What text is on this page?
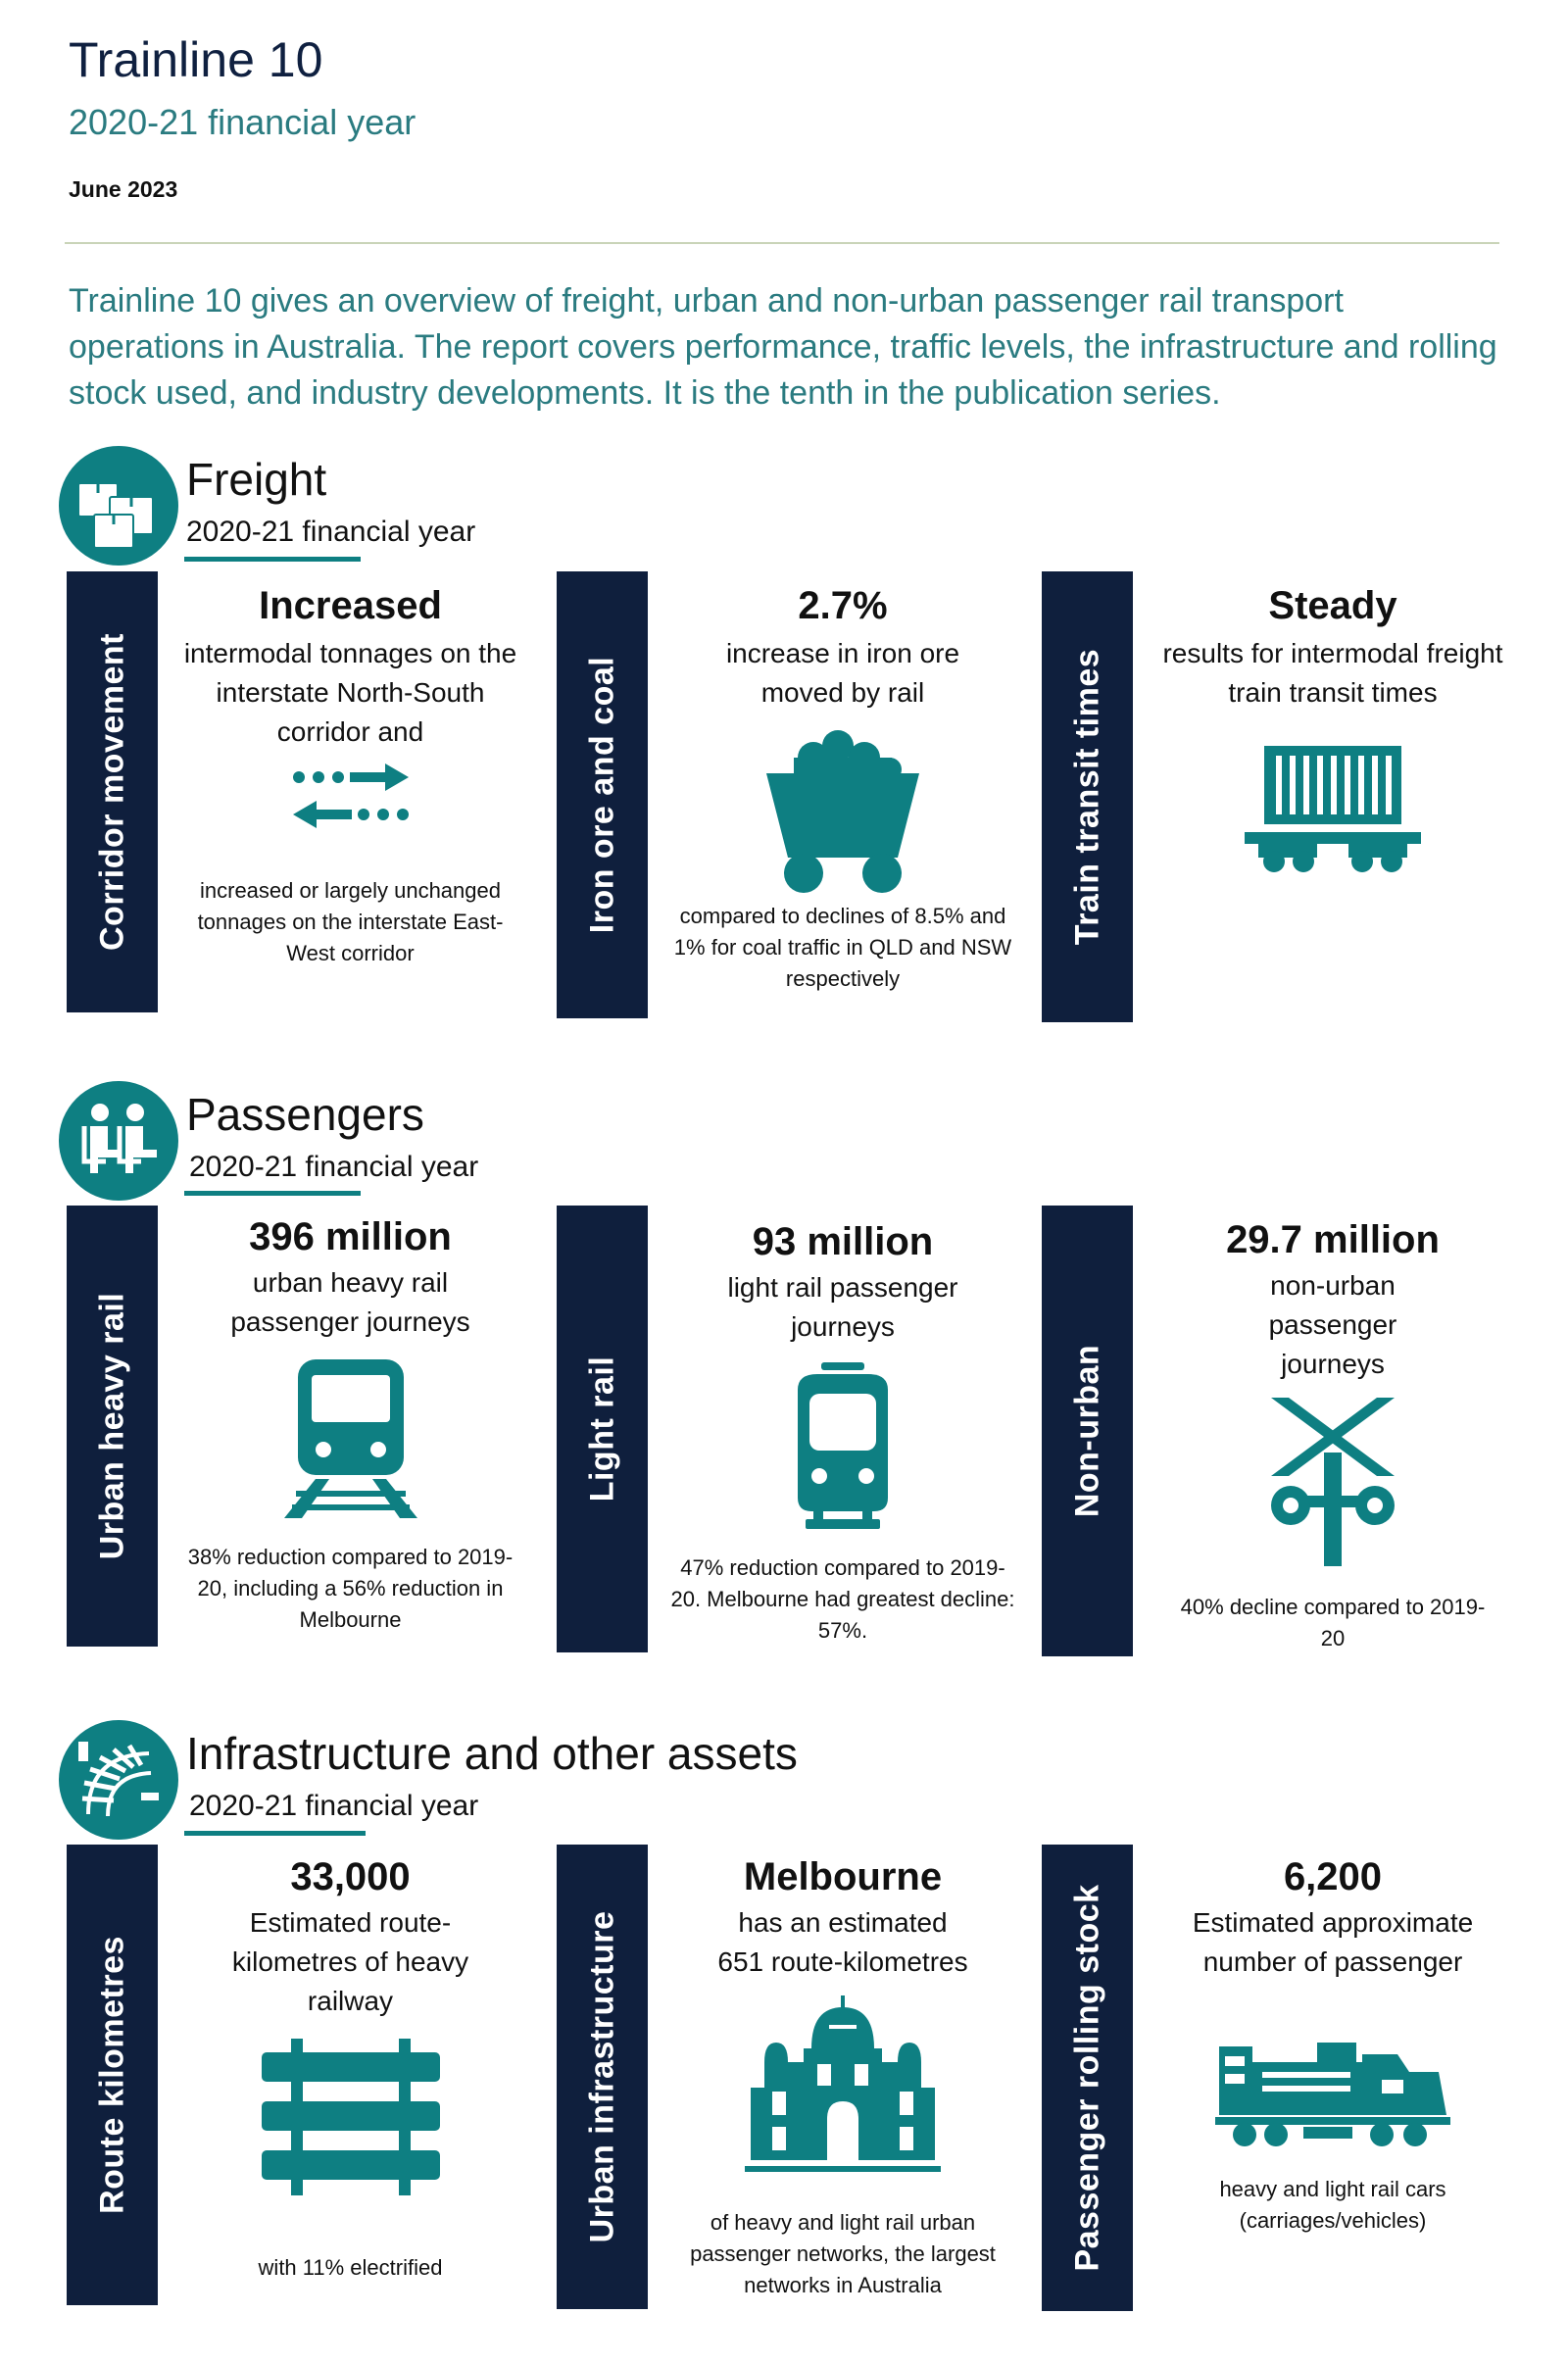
Trainline 10
2020-21 financial year
June 2023
Trainline 10 gives an overview of freight, urban and non-urban passenger rail transport operations in Australia. The report covers performance, traffic levels, the infrastructure and rolling stock used, and industry developments. It is the tenth in the publication series.
Freight
2020-21 financial year
Corridor movement	Iron ore and coal	Train transit times
Increased
intermodal tonnages on the interstate North-South corridor and
increased or largely unchanged tonnages on the interstate East-West corridor
2.7%
increase in iron ore moved by rail
compared to declines of 8.5% and 1% for coal traffic in QLD and NSW respectively
Steady
results for intermodal freight train transit times
Passengers
2020-21 financial year
Urban heavy rail	Light rail	Non-urban
396 million
urban heavy rail passenger journeys
38% reduction compared to 2019-20, including a 56% reduction in Melbourne
93 million
light rail passenger journeys
47% reduction compared to 2019-20. Melbourne had greatest decline: 57%.
29.7 million
non-urban passenger journeys
40% decline compared to 2019-20
Infrastructure and other assets
2020-21 financial year
Route kilometres	Urban infrastructure	Passenger rolling stock
33,000
Estimated route-kilometres of heavy railway
with 11% electrified
Melbourne
has an estimated 651 route-kilometres
of heavy and light rail urban passenger networks, the largest networks in Australia
6,200
Estimated approximate number of passenger
heavy and light rail cars (carriages/vehicles)
